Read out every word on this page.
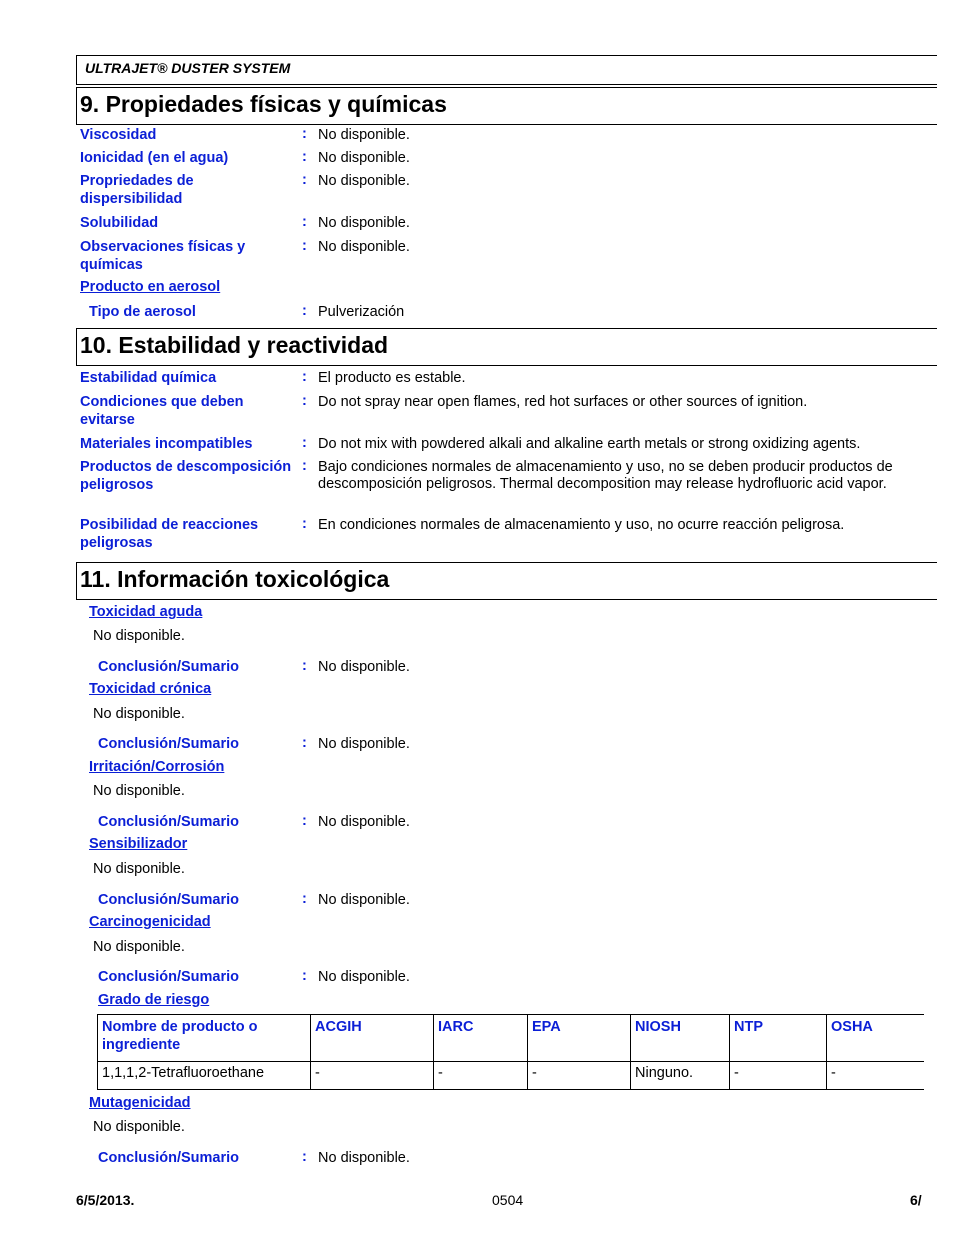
ULTRAJET® DUSTER SYSTEM
9. Propiedades físicas y químicas
Viscosidad	: No disponible.
Ionicidad (en el agua)	: No disponible.
Propriedades de dispersibilidad
: No disponible.
Solubilidad	: No disponible.
Observaciones físicas y químicas
: No disponible.
Producto en aerosol
Tipo de aerosol	: Pulverización
10. Estabilidad y reactividad
Estabilidad química	: El producto es estable.
Condiciones que deben evitarse
: Do not spray near open flames, red hot surfaces or other sources of ignition.
Materiales incompatibles	: Do not mix with powdered alkali and alkaline earth metals or strong oxidizing agents.
Productos de descomposición peligrosos
: Bajo condiciones normales de almacenamiento y uso, no se deben producir productos de descomposición peligrosos. Thermal decomposition may release hydrofluoric acid vapor.
Posibilidad de reacciones peligrosas
: En condiciones normales de almacenamiento y uso, no ocurre reacción peligrosa.
11. Información toxicológica
Toxicidad aguda
No disponible.
Conclusión/Sumario	: No disponible.
Toxicidad crónica
No disponible.
Conclusión/Sumario	: No disponible.
Irritación/Corrosión
No disponible.
Conclusión/Sumario	: No disponible.
Sensibilizador
No disponible.
Conclusión/Sumario	: No disponible.
Carcinogenicidad
No disponible.
Conclusión/Sumario	: No disponible.
Grado de riesgo
Nombre de producto o ingrediente	ACGIH	IARC	EPA	NIOSH	NTP	OSHA
1,1,1,2-Tetrafluoroethane	-	-	-	Ninguno.	-	-
Mutagenicidad
No disponible.
Conclusión/Sumario	: No disponible.
6/5/2013.	0504	6/
